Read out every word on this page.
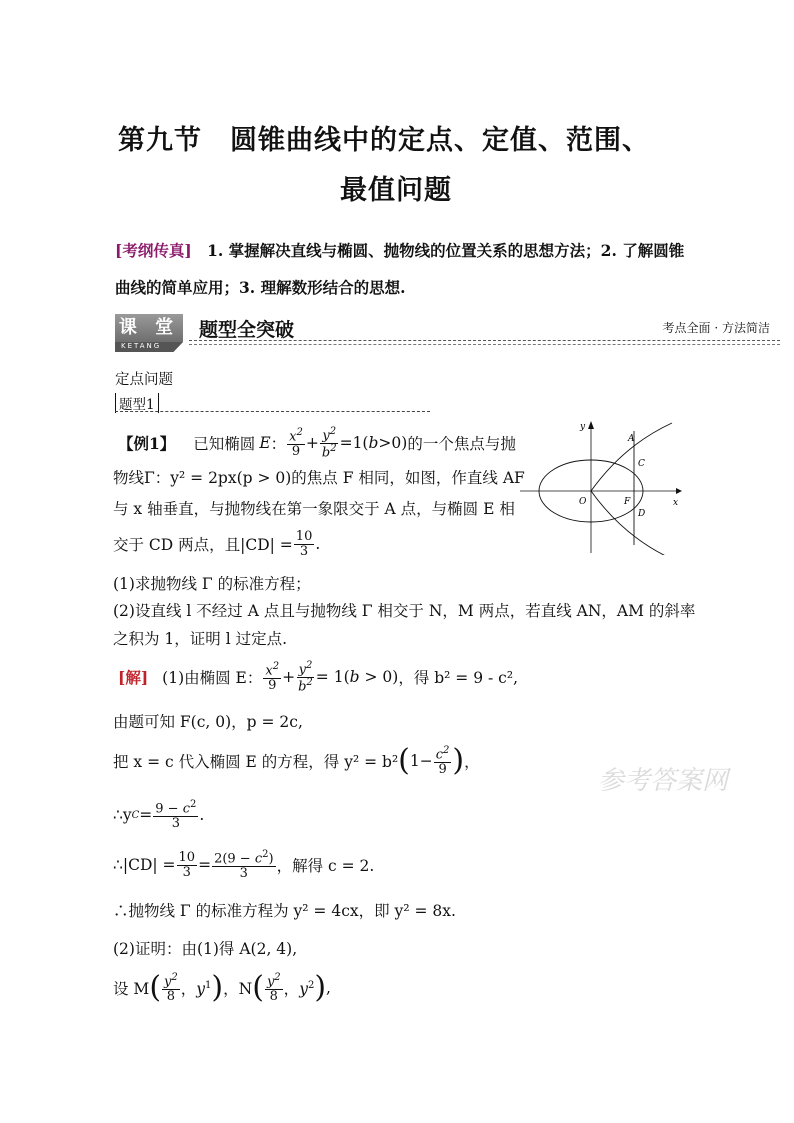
第九节　圆锥曲线中的定点、定值、范围、
最值问题
[考纲传真] 1. 掌握解决直线与椭圆、抛物线的位置关系的思想方法；2. 了解圆锥
曲线的简单应用；3. 理解数形结合的思想.
课 堂
KETANG
题型全突破	考点全面 · 方法简洁
定点问题
题型1
【例1】 已知椭圆 E ： $\frac{x^2}{9} + \frac{y^2}{b^2} =1(b>0)$ 的一个焦点与抛
物线Γ：y² = 2px(p > 0)的焦点 F 相同，如图，作直线 AF
与 x 轴垂直，与抛物线在第一象限交于 A 点，与椭圆 E 相
交于 CD 两点，且$|CD| = \frac{10}{3}$ .
(1)求抛物线 Γ 的标准方程；
(2)设直线 l 不经过 A 点且与抛物线 Γ 相交于 N，M 两点，若直线 AN，AM 的斜率
之积为 1，证明 l 过定点.
y
x
O	F
A
C
D
[解] (1)由椭圆 E： $\frac{x^2}{9} + \frac{y^2}{b^2} = 1(b > 0)$ ，得 b² = 9 - c²,
由题可知 F(c, 0)，p = 2c,
把 x = c 代入椭圆 E 的方程，得 y² = b² ( $1- \frac{c^2}{9}$ ) ，
∴y $C = \frac{9 - c^2}{3}$ .
∴|CD| = $\frac{10}{3} = \frac{2(9 - c^2)}{3}$ ，解得 c = 2.
∴抛物线 Γ 的标准方程为 y² = 4cx，即 y² = 8x.
(2)证明：由(1)得 A(2, 4),
设 M ( $\frac{y^2}{8}$ ，$y^1$ ) ，N ( $\frac{y^2}{8}$ ，$y^2$ ) ,
参考答案网
